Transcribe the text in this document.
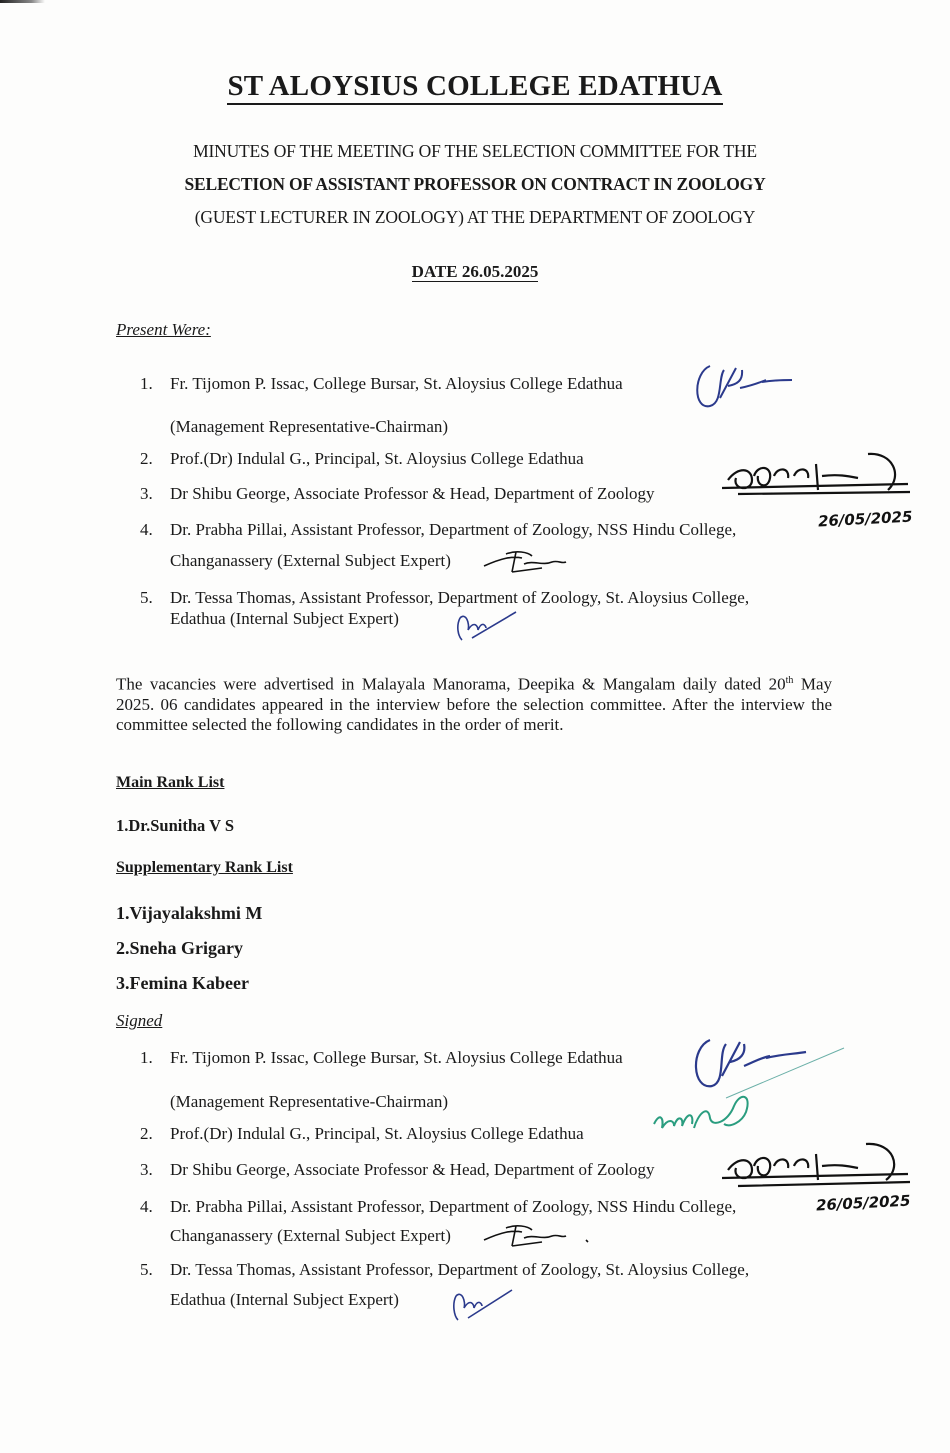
ST ALOYSIUS COLLEGE EDATHUA
MINUTES OF THE MEETING OF THE SELECTION COMMITTEE FOR THE
SELECTION OF ASSISTANT PROFESSOR ON CONTRACT IN ZOOLOGY
(GUEST LECTURER IN ZOOLOGY) AT THE DEPARTMENT OF ZOOLOGY
DATE 26.05.2025
Present Were:
1. Fr. Tijomon P. Issac, College Bursar, St. Aloysius College Edathua
(Management Representative-Chairman)
2. Prof.(Dr) Indulal G., Principal, St. Aloysius College Edathua
3. Dr Shibu George, Associate Professor & Head, Department of Zoology
4. Dr. Prabha Pillai, Assistant Professor, Department of Zoology, NSS Hindu College,
Changanassery (External Subject Expert)
5. Dr. Tessa Thomas, Assistant Professor, Department of Zoology, St. Aloysius College,
Edathua (Internal Subject Expert)
26/05/2025
The vacancies were advertised in Malayala Manorama, Deepika & Mangalam daily dated 20th May 2025. 06 candidates appeared in the interview before the selection committee. After the interview the committee selected the following candidates in the order of merit.
Main Rank List
1.Dr.Sunitha V S
Supplementary Rank List
1.Vijayalakshmi M
2.Sneha Grigary
3.Femina Kabeer
Signed
1. Fr. Tijomon P. Issac, College Bursar, St. Aloysius College Edathua
(Management Representative-Chairman)
2. Prof.(Dr) Indulal G., Principal, St. Aloysius College Edathua
3. Dr Shibu George, Associate Professor & Head, Department of Zoology
4. Dr. Prabha Pillai, Assistant Professor, Department of Zoology, NSS Hindu College,
Changanassery (External Subject Expert)
5. Dr. Tessa Thomas, Assistant Professor, Department of Zoology, St. Aloysius College,
Edathua (Internal Subject Expert)
26/05/2025
